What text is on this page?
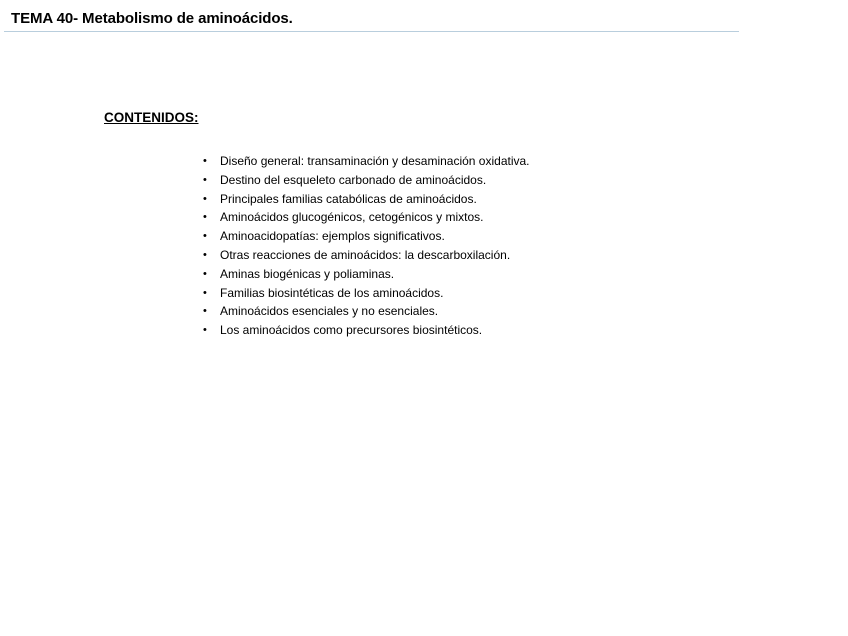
TEMA 40- Metabolismo de aminoácidos.
CONTENIDOS:
• Diseño general: transaminación y desaminación oxidativa.
• Destino del esqueleto carbonado de aminoácidos.
• Principales familias catabólicas de aminoácidos.
• Aminoácidos glucogénicos, cetogénicos y mixtos.
• Aminoacidopatías: ejemplos significativos.
• Otras reacciones de aminoácidos: la descarboxilación.
• Aminas biogénicas y poliaminas.
• Familias biosintéticas de los aminoácidos.
• Aminoácidos esenciales y no esenciales.
• Los aminoácidos como precursores biosintéticos.
